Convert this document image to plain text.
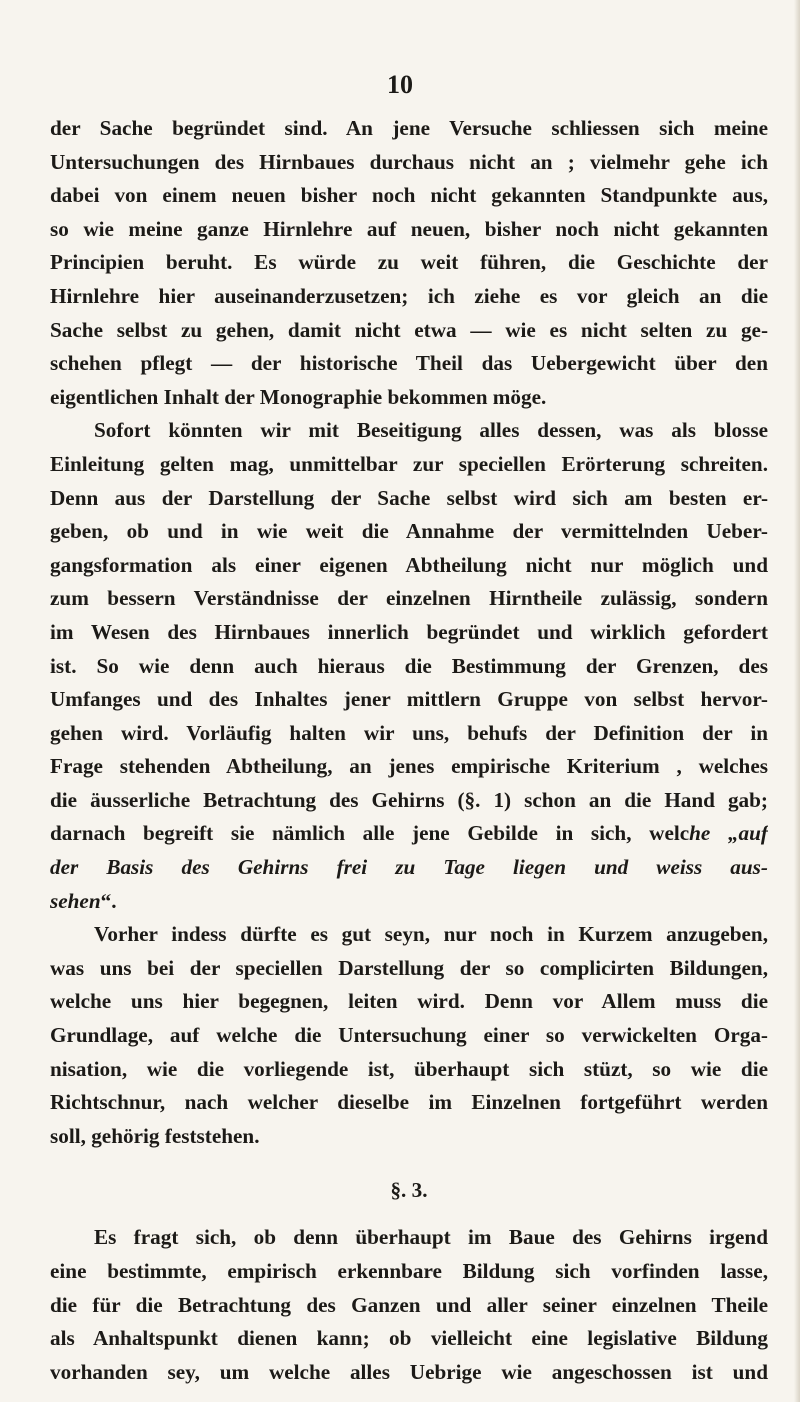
10
der Sache begründet sind. An jene Versuche schliessen sich meine
Untersuchungen des Hirnbaues durchaus nicht an ; vielmehr gehe ich
dabei von einem neuen bisher noch nicht gekannten Standpunkte aus,
so wie meine ganze Hirnlehre auf neuen, bisher noch nicht gekannten
Principien beruht. Es würde zu weit führen, die Geschichte der
Hirnlehre hier auseinanderzusetzen; ich ziehe es vor gleich an die
Sache selbst zu gehen, damit nicht etwa — wie es nicht selten zu ge-
schehen pflegt — der historische Theil das Uebergewicht über den
eigentlichen Inhalt der Monographie bekommen möge.
Sofort könnten wir mit Beseitigung alles dessen, was als blosse
Einleitung gelten mag, unmittelbar zur speciellen Erörterung schreiten.
Denn aus der Darstellung der Sache selbst wird sich am besten er-
geben, ob und in wie weit die Annahme der vermittelnden Ueber-
gangsformation als einer eigenen Abtheilung nicht nur möglich und
zum bessern Verständnisse der einzelnen Hirntheile zulässig, sondern
im Wesen des Hirnbaues innerlich begründet und wirklich gefordert
ist. So wie denn auch hieraus die Bestimmung der Grenzen, des
Umfanges und des Inhaltes jener mittlern Gruppe von selbst hervor-
gehen wird. Vorläufig halten wir uns, behufs der Definition der in
Frage stehenden Abtheilung, an jenes empirische Kriterium , welches
die äusserliche Betrachtung des Gehirns (§. 1) schon an die Hand gab;
darnach begreift sie nämlich alle jene Gebilde in sich, welche „auf
der Basis des Gehirns frei zu Tage liegen und weiss aus-
sehen“.
Vorher indess dürfte es gut seyn, nur noch in Kurzem anzugeben,
was uns bei der speciellen Darstellung der so complicirten Bildungen,
welche uns hier begegnen, leiten wird. Denn vor Allem muss die
Grundlage, auf welche die Untersuchung einer so verwickelten Orga-
nisation, wie die vorliegende ist, überhaupt sich stüzt, so wie die
Richtschnur, nach welcher dieselbe im Einzelnen fortgeführt werden
soll, gehörig feststehen.
§. 3.
Es fragt sich, ob denn überhaupt im Baue des Gehirns irgend
eine bestimmte, empirisch erkennbare Bildung sich vorfinden lasse,
die für die Betrachtung des Ganzen und aller seiner einzelnen Theile
als Anhaltspunkt dienen kann; ob vielleicht eine legislative Bildung
vorhanden sey, um welche alles Uebrige wie angeschossen ist und
